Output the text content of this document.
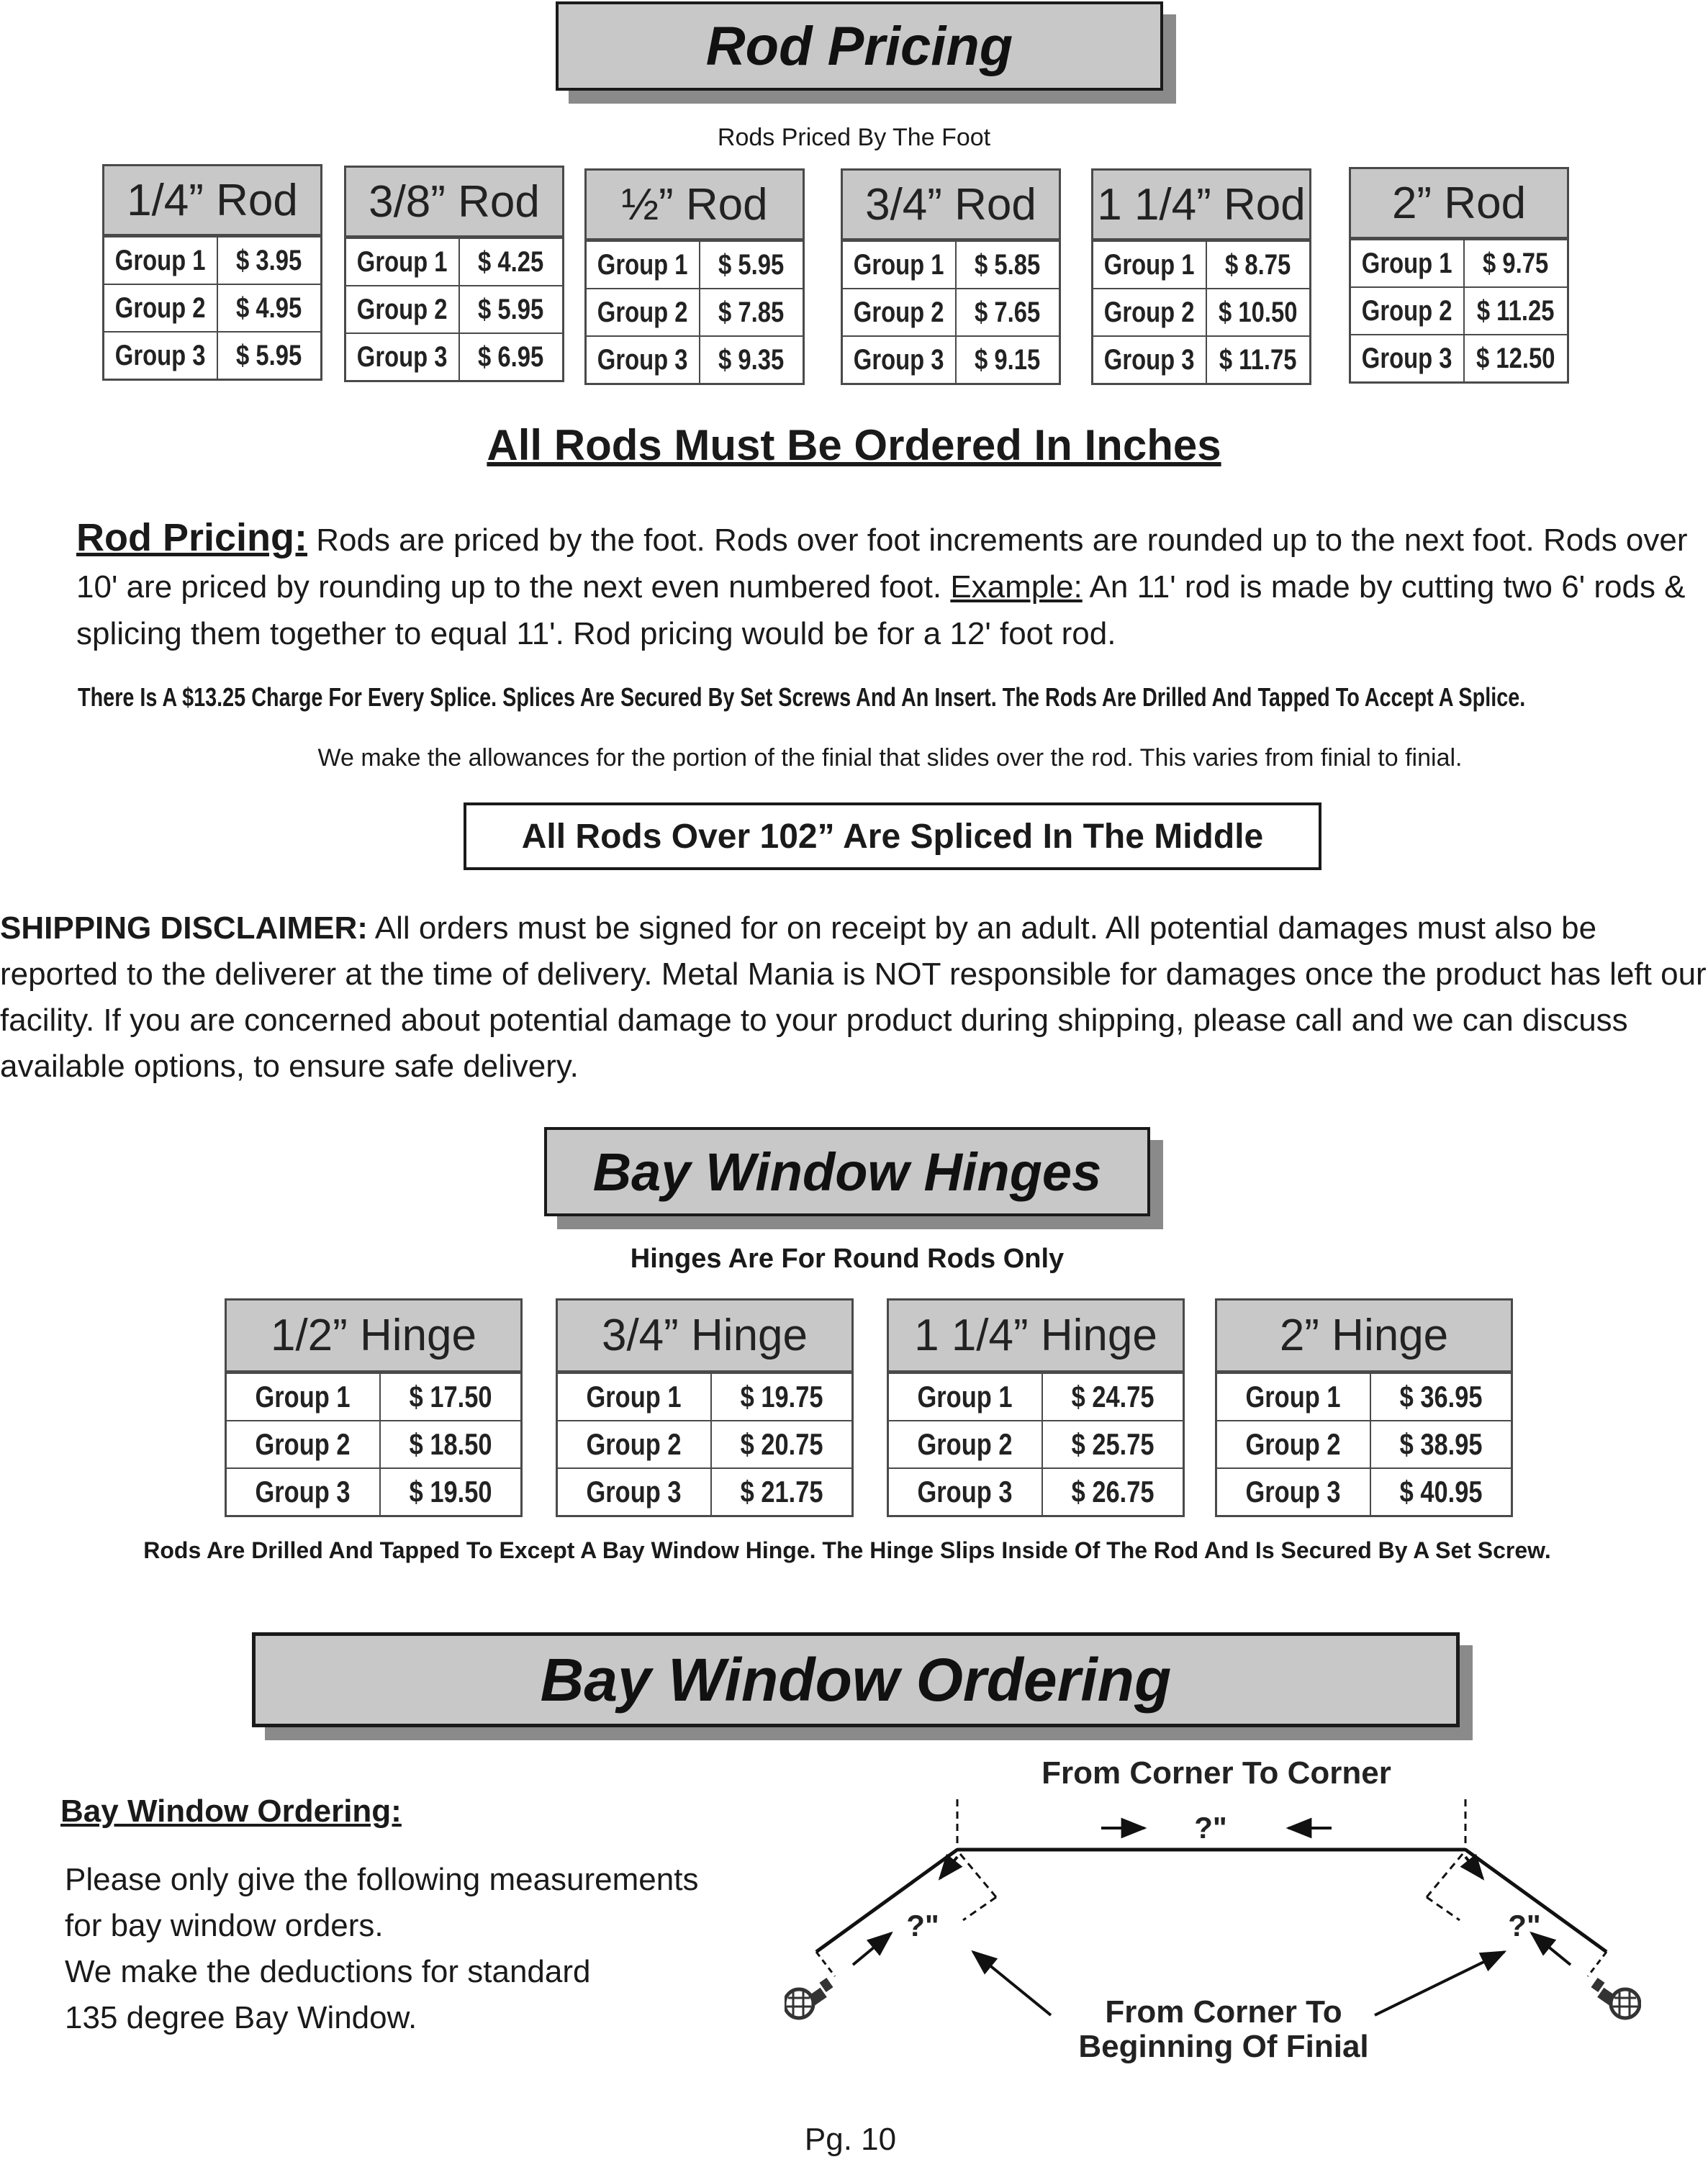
Rod Pricing
Rods Priced By The Foot
1/4” Rod
Group 1 $ 3.95
Group 2 $ 4.95
Group 3 $ 5.95
3/8” Rod
Group 1 $ 4.25
Group 2 $ 5.95
Group 3 $ 6.95
½” Rod
Group 1 $ 5.95
Group 2 $ 7.85
Group 3 $ 9.35
3/4” Rod
Group 1 $ 5.85
Group 2 $ 7.65
Group 3 $ 9.15
1 1/4” Rod
Group 1 $ 8.75
Group 2 $ 10.50
Group 3 $ 11.75
2” Rod
Group 1 $ 9.75
Group 2 $ 11.25
Group 3 $ 12.50
All Rods Must Be Ordered In Inches
Rod Pricing: Rods are priced by the foot. Rods over foot increments are rounded up to the next foot. Rods over 10' are priced by rounding up to the next even numbered foot. Example: An 11' rod is made by cutting two 6' rods & splicing them together to equal 11'. Rod pricing would be for a 12' foot rod.
There Is A $13.25 Charge For Every Splice. Splices Are Secured By Set Screws And An Insert. The Rods Are Drilled And Tapped To Accept A Splice.
We make the allowances for the portion of the finial that slides over the rod. This varies from finial to finial.
All Rods Over 102” Are Spliced In The Middle
SHIPPING DISCLAIMER: All orders must be signed for on receipt by an adult. All potential damages must also be reported to the deliverer at the time of delivery. Metal Mania is NOT responsible for damages once the product has left our facility. If you are concerned about potential damage to your product during shipping, please call and we can discuss available options, to ensure safe delivery.
Bay Window Hinges
Hinges Are For Round Rods Only
1/2” Hinge
Group 1 $ 17.50
Group 2 $ 18.50
Group 3 $ 19.50
3/4” Hinge
Group 1 $ 19.75
Group 2 $ 20.75
Group 3 $ 21.75
1 1/4” Hinge
Group 1 $ 24.75
Group 2 $ 25.75
Group 3 $ 26.75
2” Hinge
Group 1 $ 36.95
Group 2 $ 38.95
Group 3 $ 40.95
Rods Are Drilled And Tapped To Except A Bay Window Hinge. The Hinge Slips Inside Of The Rod And Is Secured By A Set Screw.
Bay Window Ordering
Bay Window Ordering:
Please only give the following measurements
for bay window orders.
We make the deductions for standard
135 degree Bay Window.
From Corner To Corner
?"
?"	?"
From Corner To
Beginning Of Finial
Pg. 10
